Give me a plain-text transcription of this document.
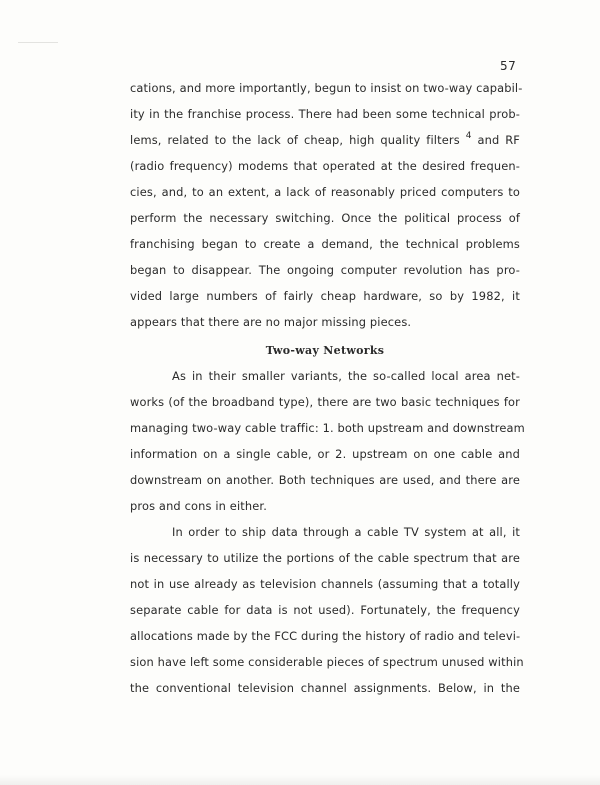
57
cations, and more importantly, begun to insist on two-way capabil-
ity in the franchise process. There had been some technical prob-
lems, related to the lack of cheap, high quality filters $^4$ and RF
(radio frequency) modems that operated at the desired frequen-
cies, and, to an extent, a lack of reasonably priced computers to
perform the necessary switching. Once the political process of
franchising began to create a demand, the technical problems
began to disappear. The ongoing computer revolution has pro-
vided large numbers of fairly cheap hardware, so by 1982, it
appears that there are no major missing pieces.
Two-way Networks
As in their smaller variants, the so-called local area net-
works (of the broadband type), there are two basic techniques for
managing two-way cable traffic: 1. both upstream and downstream
information on a single cable, or 2. upstream on one cable and
downstream on another. Both techniques are used, and there are
pros and cons in either.
In order to ship data through a cable TV system at all, it
is necessary to utilize the portions of the cable spectrum that are
not in use already as television channels (assuming that a totally
separate cable for data is not used). Fortunately, the frequency
allocations made by the FCC during the history of radio and televi-
sion have left some considerable pieces of spectrum unused within
the conventional television channel assignments. Below, in the
